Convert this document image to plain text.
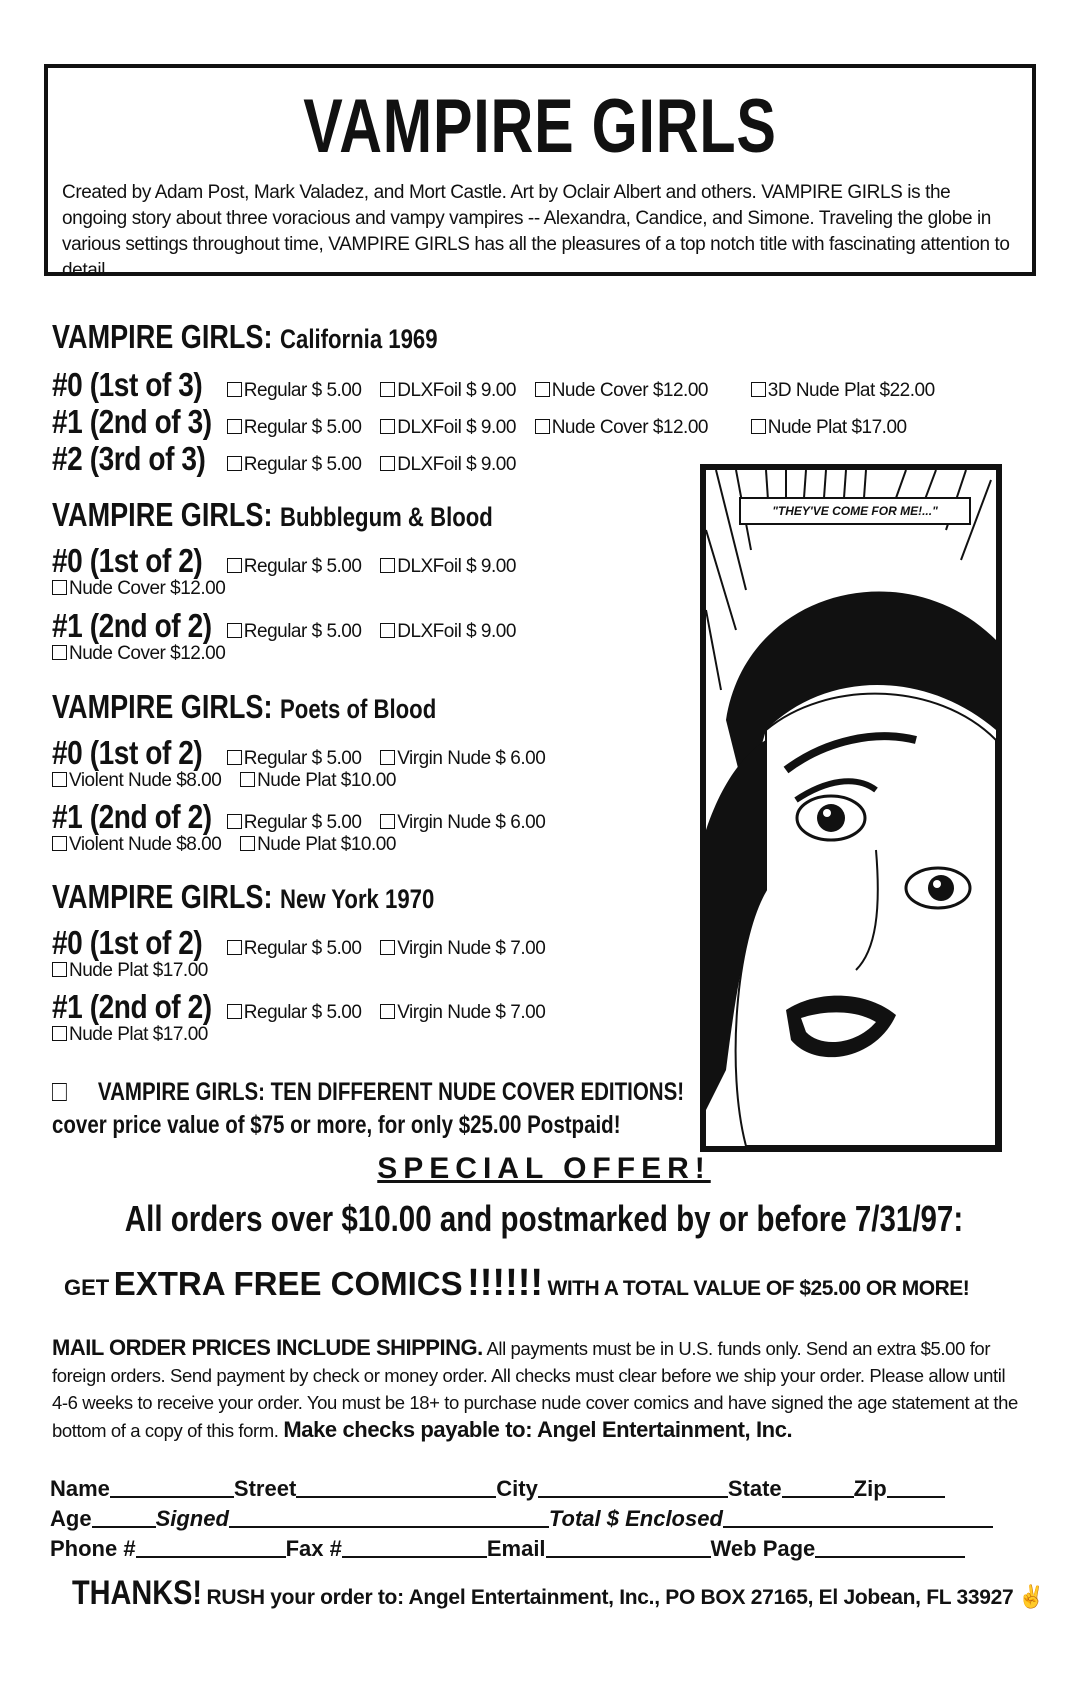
VAMPIRE GIRLS
Created by Adam Post, Mark Valadez, and Mort Castle. Art by Oclair Albert and others. VAMPIRE GIRLS is the ongoing story about three voracious and vampy vampires -- Alexandra, Candice, and Simone. Traveling the globe in various settings throughout time, VAMPIRE GIRLS has all the pleasures of a top notch title with fascinating attention to detail.
VAMPIRE GIRLS: California 1969
#0 (1st of 3) Regular $ 5.00 DLXFoil $ 9.00 Nude Cover $12.00	3D Nude Plat $22.00
#1 (2nd of 3) Regular $ 5.00 DLXFoil $ 9.00 Nude Cover $12.00	Nude Plat $17.00
#2 (3rd of 3) Regular $ 5.00 DLXFoil $ 9.00
VAMPIRE GIRLS: Bubblegum & Blood
#0 (1st of 2) Regular $ 5.00 DLXFoil $ 9.00
Nude Cover $12.00
#1 (2nd of 2) Regular $ 5.00 DLXFoil $ 9.00
Nude Cover $12.00
VAMPIRE GIRLS: Poets of Blood
#0 (1st of 2) Regular $ 5.00 Virgin Nude $ 6.00
Violent Nude $8.00 Nude Plat $10.00
#1 (2nd of 2) Regular $ 5.00 Virgin Nude $ 6.00
Violent Nude $8.00 Nude Plat $10.00
VAMPIRE GIRLS: New York 1970
#0 (1st of 2) Regular $ 5.00 Virgin Nude $ 7.00
Nude Plat $17.00
#1 (2nd of 2) Regular $ 5.00 Virgin Nude $ 7.00
Nude Plat $17.00
VAMPIRE GIRLS: TEN DIFFERENT NUDE COVER EDITIONS!
cover price value of $75 or more, for only $25.00 Postpaid!
"THEY'VE COME FOR ME!..."
SPECIAL OFFER!
All orders over $10.00 and postmarked by or before 7/31/97:
GET EXTRA FREE COMICS !!!!!! WITH A TOTAL VALUE OF $25.00 OR MORE!
MAIL ORDER PRICES INCLUDE SHIPPING. All payments must be in U.S. funds only. Send an extra $5.00 for foreign orders. Send payment by check or money order. All checks must clear before we ship your order. Please allow until 4-6 weeks to receive your order. You must be 18+ to purchase nude cover comics and have signed the age statement at the bottom of a copy of this form. Make checks payable to: Angel Entertainment, Inc.
Name	Street	City	State	Zip
Age	Signed	Total $ Enclosed
Phone #	Fax #	Email	Web Page
THANKS! RUSH your order to: Angel Entertainment, Inc., PO BOX 27165, El Jobean, FL 33927 ✌
